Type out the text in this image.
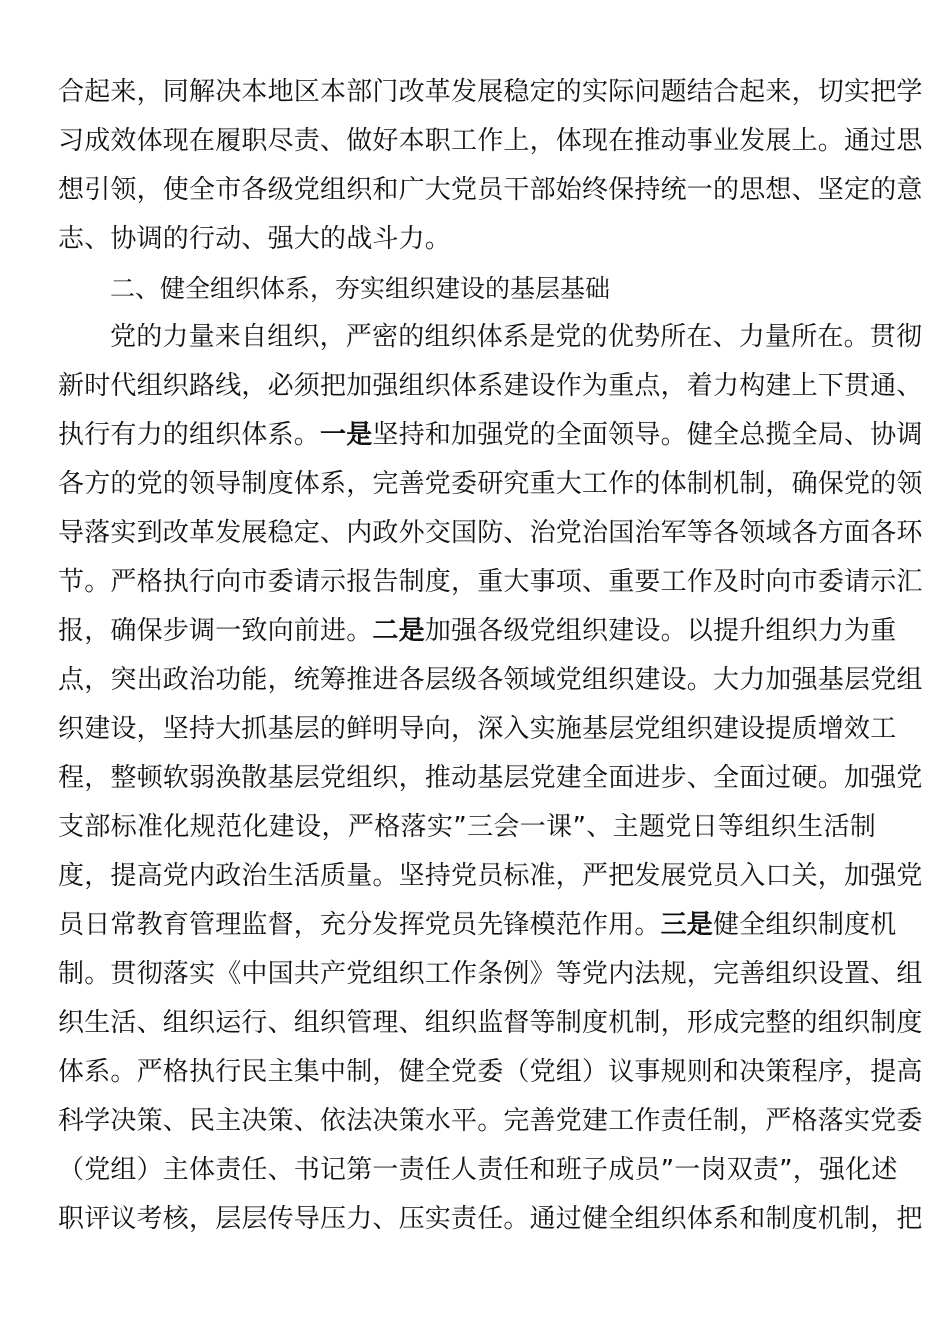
合起来，同解决本地区本部门改革发展稳定的实际问题结合起来，切实把学
习成效体现在履职尽责、做好本职工作上，体现在推动事业发展上。通过思
想引领，使全市各级党组织和广大党员干部始终保持统一的思想、坚定的意
志、协调的行动、强大的战斗力。
二、健全组织体系，夯实组织建设的基层基础
党的力量来自组织，严密的组织体系是党的优势所在、力量所在。贯彻
新时代组织路线，必须把加强组织体系建设作为重点，着力构建上下贯通、
执行有力的组织体系。一是坚持和加强党的全面领导。健全总揽全局、协调
各方的党的领导制度体系，完善党委研究重大工作的体制机制，确保党的领
导落实到改革发展稳定、内政外交国防、治党治国治军等各领域各方面各环
节。严格执行向市委请示报告制度，重大事项、重要工作及时向市委请示汇
报，确保步调一致向前进。二是加强各级党组织建设。以提升组织力为重
点，突出政治功能，统筹推进各层级各领域党组织建设。大力加强基层党组
织建设，坚持大抓基层的鲜明导向，深入实施基层党组织建设提质增效工
程，整顿软弱涣散基层党组织，推动基层党建全面进步、全面过硬。加强党
支部标准化规范化建设，严格落实”三会一课”、主题党日等组织生活制
度，提高党内政治生活质量。坚持党员标准，严把发展党员入口关，加强党
员日常教育管理监督，充分发挥党员先锋模范作用。三是健全组织制度机
制。贯彻落实《中国共产党组织工作条例》等党内法规，完善组织设置、组
织生活、组织运行、组织管理、组织监督等制度机制，形成完整的组织制度
体系。严格执行民主集中制，健全党委（党组）议事规则和决策程序，提高
科学决策、民主决策、依法决策水平。完善党建工作责任制，严格落实党委
（党组）主体责任、书记第一责任人责任和班子成员”一岗双责”，强化述
职评议考核，层层传导压力、压实责任。通过健全组织体系和制度机制，把
